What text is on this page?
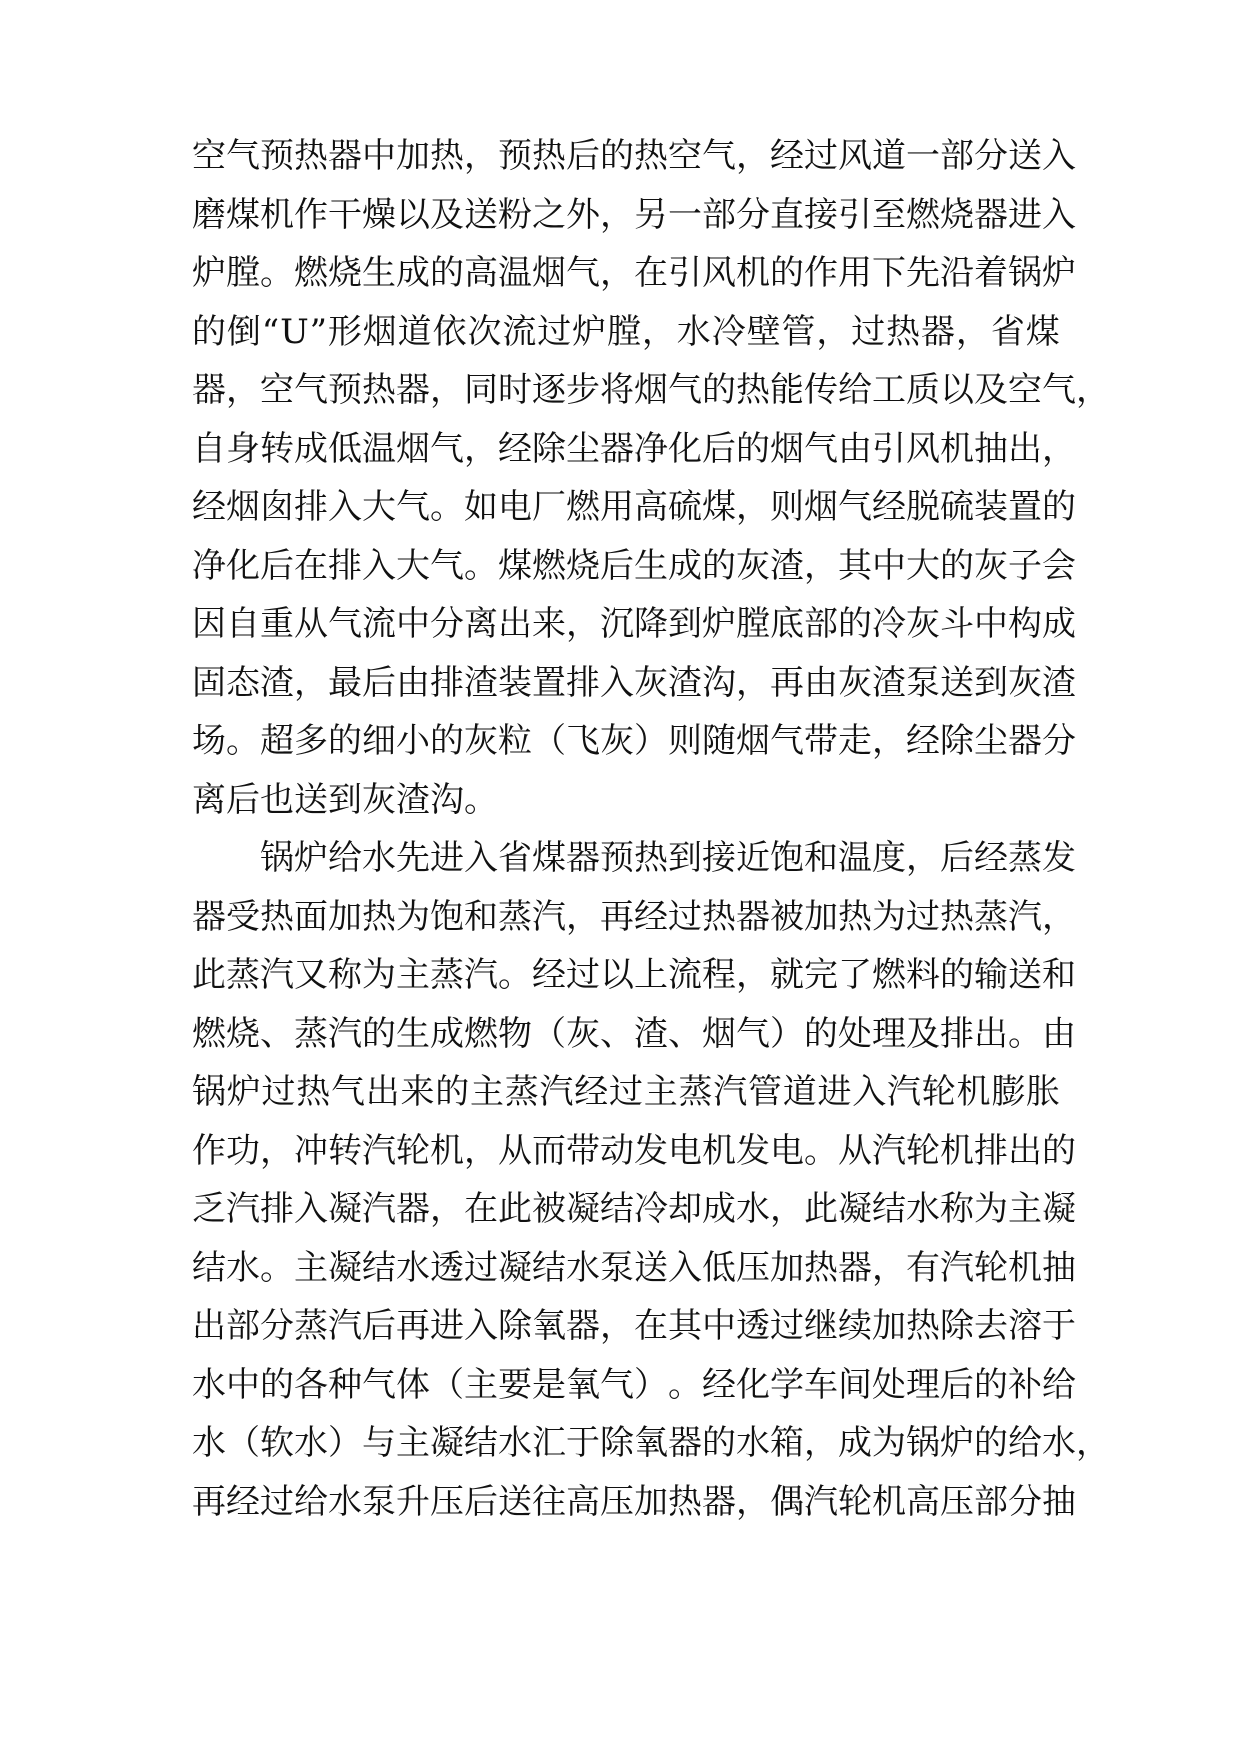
空 气 预 热 器 中 加 热 ， 预 热 后 的 热 空 气 ， 经 过 风 道 一 部 分 送 入
磨 煤 机 作 干 燥 以 及 送 粉 之 外 ， 另 一 部 分 直 接 引 至 燃 烧 器 进 入
炉 膛 。 燃 烧 生 成 的 高 温 烟 气 ， 在 引 风 机 的 作 用 下 先 沿 着 锅 炉
的 倒 “ U ” 形 烟 道 依 次 流 过 炉 膛 ， 水 冷 壁 管 ， 过 热 器 ， 省 煤
器 ， 空 气 预 热 器 ， 同 时 逐 步 将 烟 气 的 热 能 传 给 工 质 以 及 空 气 ，
自 身 转 成 低 温 烟 气 ， 经 除 尘 器 净 化 后 的 烟 气 由 引 风 机 抽 出 ，
经 烟 囱 排 入 大 气 。 如 电 厂 燃 用 高 硫 煤 ， 则 烟 气 经 脱 硫 装 置 的
净 化 后 在 排 入 大 气 。 煤 燃 烧 后 生 成 的 灰 渣 ， 其 中 大 的 灰 子 会
因 自 重 从 气 流 中 分 离 出 来 ， 沉 降 到 炉 膛 底 部 的 冷 灰 斗 中 构 成
固 态 渣 ， 最 后 由 排 渣 装 置 排 入 灰 渣 沟 ， 再 由 灰 渣 泵 送 到 灰 渣
场 。 超 多 的 细 小 的 灰 粒 （ 飞 灰 ） 则 随 烟 气 带 走 ， 经 除 尘 器 分
离 后 也 送 到 灰 渣 沟 。
锅 炉 给 水 先 进 入 省 煤 器 预 热 到 接 近 饱 和 温 度 ， 后 经 蒸 发
器 受 热 面 加 热 为 饱 和 蒸 汽 ， 再 经 过 热 器 被 加 热 为 过 热 蒸 汽 ，
此 蒸 汽 又 称 为 主 蒸 汽 。 经 过 以 上 流 程 ， 就 完 了 燃 料 的 输 送 和
燃 烧 、 蒸 汽 的 生 成 燃 物 （ 灰 、 渣 、 烟 气 ） 的 处 理 及 排 出 。 由
锅 炉 过 热 气 出 来 的 主 蒸 汽 经 过 主 蒸 汽 管 道 进 入 汽 轮 机 膨 胀
作 功 ， 冲 转 汽 轮 机 ， 从 而 带 动 发 电 机 发 电 。 从 汽 轮 机 排 出 的
乏 汽 排 入 凝 汽 器 ， 在 此 被 凝 结 冷 却 成 水 ， 此 凝 结 水 称 为 主 凝
结 水 。 主 凝 结 水 透 过 凝 结 水 泵 送 入 低 压 加 热 器 ， 有 汽 轮 机 抽
出 部 分 蒸 汽 后 再 进 入 除 氧 器 ， 在 其 中 透 过 继 续 加 热 除 去 溶 于
水 中 的 各 种 气 体 （ 主 要 是 氧 气 ） 。 经 化 学 车 间 处 理 后 的 补 给
水 （ 软 水 ） 与 主 凝 结 水 汇 于 除 氧 器 的 水 箱 ， 成 为 锅 炉 的 给 水 ，
再 经 过 给 水 泵 升 压 后 送 往 高 压 加 热 器 ， 偶 汽 轮 机 高 压 部 分 抽
